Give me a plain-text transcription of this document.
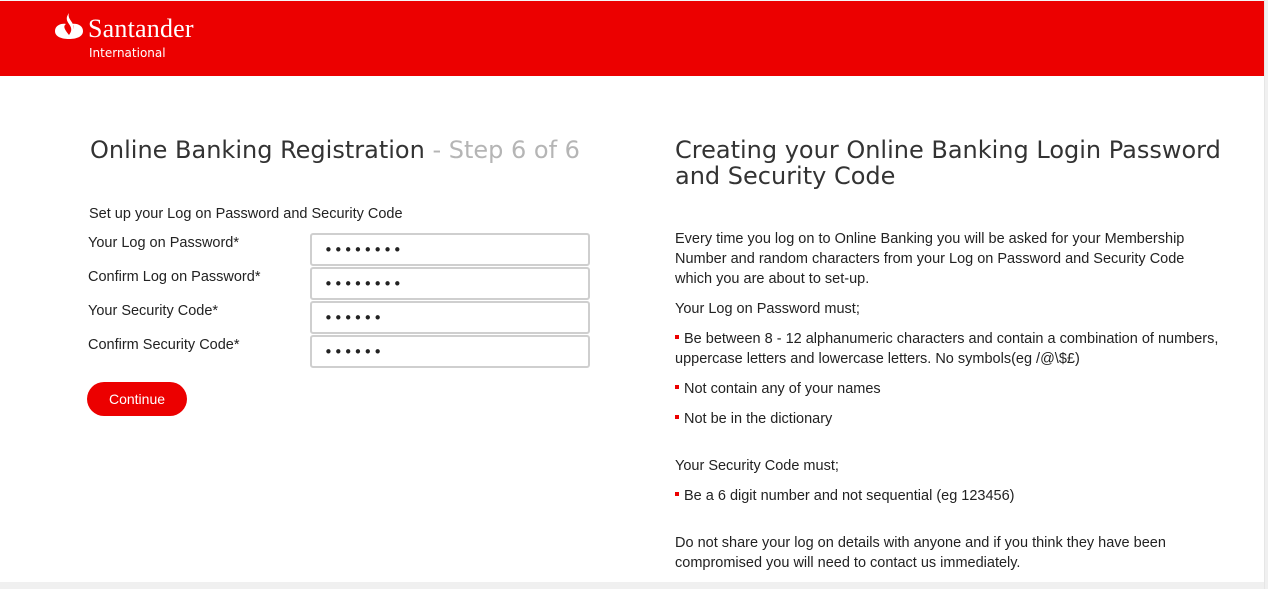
Santander
International
Online Banking Registration - Step 6 of 6
Set up your Log on Password and Security Code
Your Log on Password*
••••••••
Confirm Log on Password*
••••••••
Your Security Code*
••••••
Confirm Security Code*
••••••
Continue
Creating your Online Banking Login Password and Security Code
Every time you log on to Online Banking you will be asked for your Membership Number and random characters from your Log on Password and Security Code which you are about to set-up.
Your Log on Password must;
Be between 8 - 12 alphanumeric characters and contain a combination of numbers, uppercase letters and lowercase letters. No symbols(eg /@\$£)
Not contain any of your names
Not be in the dictionary
Your Security Code must;
Be a 6 digit number and not sequential (eg 123456)
Do not share your log on details with anyone and if you think they have been compromised you will need to contact us immediately.
